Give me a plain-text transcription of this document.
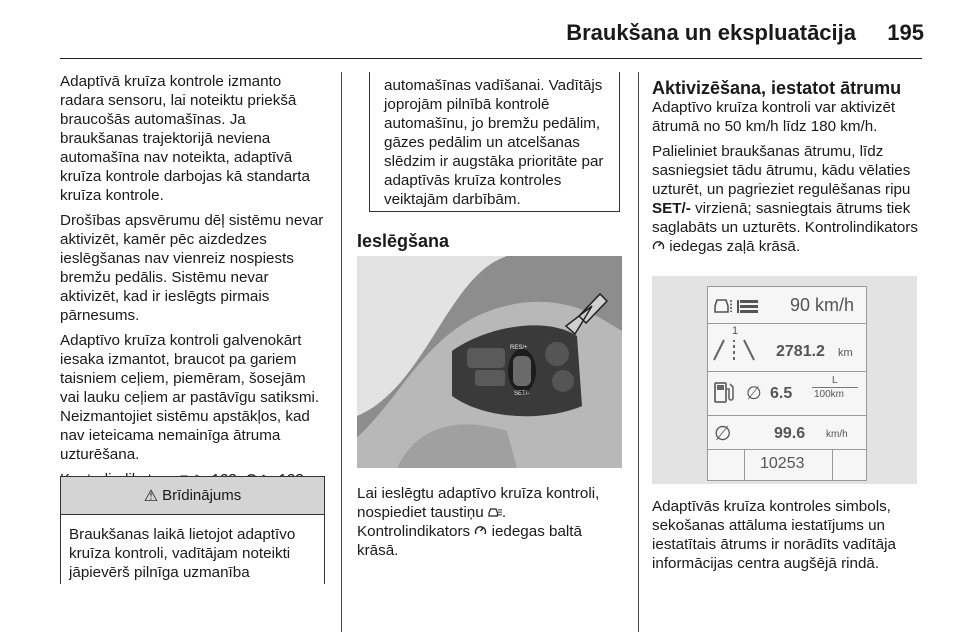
Braukšana un ekspluatācija 195

Adaptīvā kruīza kontrole izmanto radara sensoru, lai noteiktu priekšā braucošās automašīnas. Ja braukšanas trajektorijā neviena automašīna nav noteikta, adaptīvā kruīza kontrole darbojas kā standarta kruīza kontrole.

Drošības apsvērumu dēļ sistēmu nevar aktivizēt, kamēr pēc aizdedzes ieslēgšanas nav vienreiz nospiests bremžu pedālis. Sistēmu nevar aktivizēt, kad ir ieslēgts pirmais pārnesums.

Adaptīvo kruīza kontroli galvenokārt iesaka izmantot, braucot pa gariem taisniem ceļiem, piemēram, šosejām vai lauku ceļiem ar pastāvīgu satiksmi. Neizmantojiet sistēmu apstākļos, kad nav ieteicama nemainīga ātruma uzturēšana.

⚠ Brīdinājums
Braukšanas laikā lietojot adaptīvo kruīza kontroli, vadītājam noteikti jāpievērš pilnīga uzmanība
automašīnas vadīšanai. Vadītājs joprojām pilnībā kontrolē automašīnu, jo bremžu pedālim, gāzes pedālim un atcelšanas slēdzim ir augstāka prioritāte par adaptīvās kruīza kontroles veiktajām darbībām.
Ieslēgšana
RES/+
SET/-

Lai ieslēgtu adaptīvo kruīza kontroli, nospiediet taustiņu .

Kontrolindikators iedegas baltā krāsā.

Aktivizēšana, iestatot ātrumu

Adaptīvo kruīza kontroli var aktivizēt ātrumā no 50 km/h līdz 180 km/h.

Palieliniet braukšanas ātrumu, līdz sasniegsiet tādu ātrumu, kādu vēlaties uzturēt, un pagrieziet regulēšanas ripu SET/- virzienā; sasniegtais ātrums tiek saglabāts un uzturēts. Kontrolindikators  iedegas zaļā krāsā.

90 km/h
1
2781.2 km
∅ 6.5
L
100km
∅	99.6 km/h
10253
Adaptīvās kruīza kontroles simbols, sekošanas attāluma iestatījums un iestatītais ātrums ir norādīts vadītāja informācijas centra augšējā rindā.
